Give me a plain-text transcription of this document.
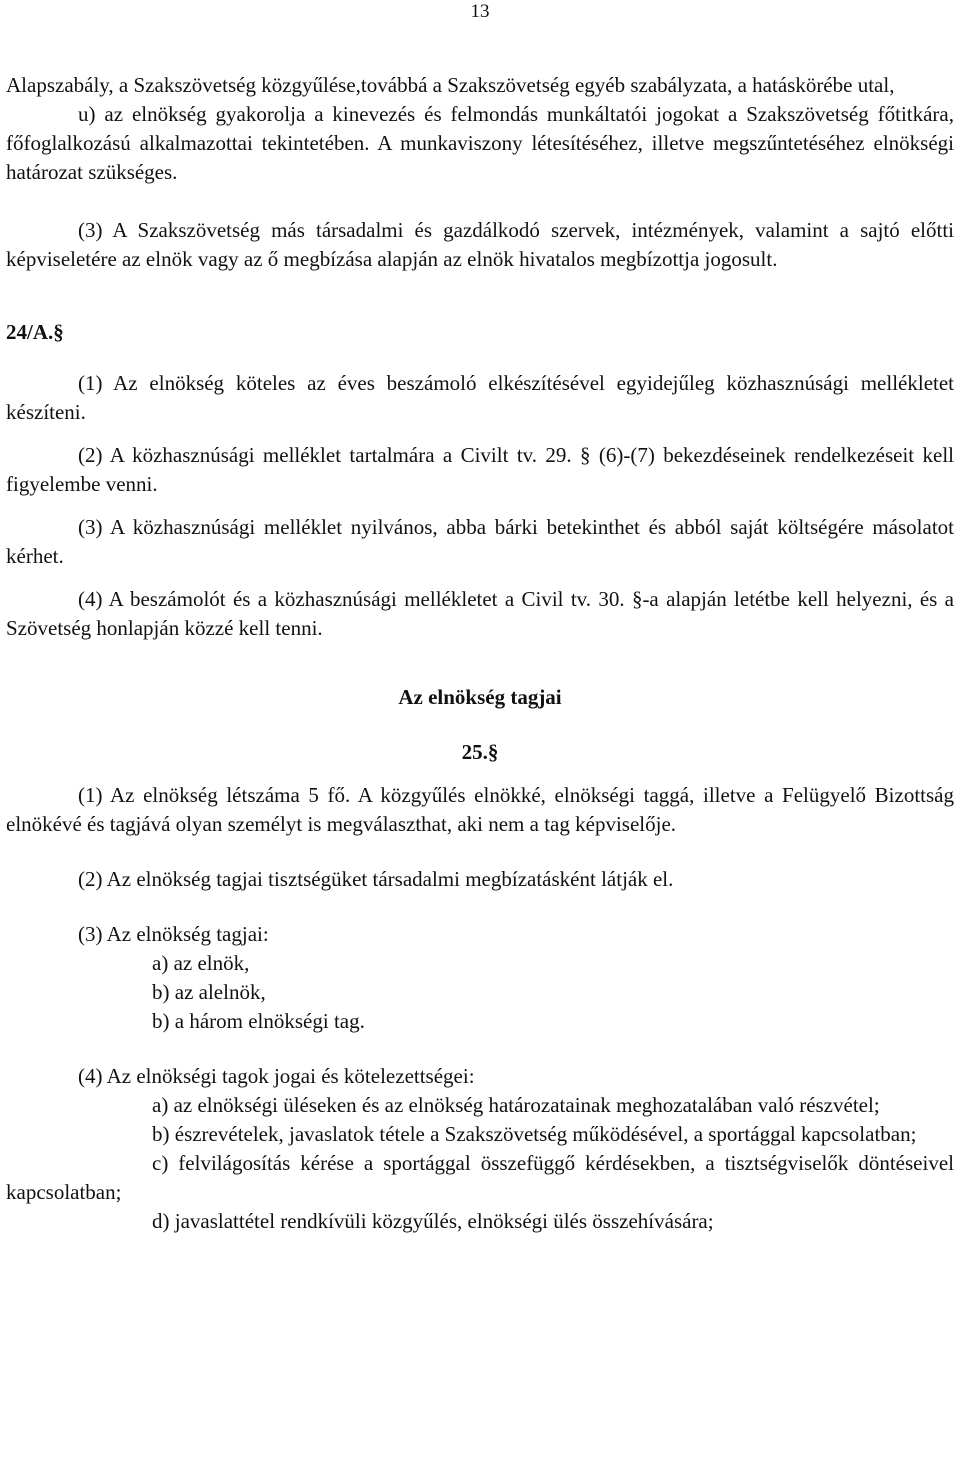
13

Alapszabály, a Szakszövetség közgyűlése,továbbá a Szakszövetség egyéb szabályzata, a hatáskörébe utal,

u) az elnökség gyakorolja a kinevezés és felmondás munkáltatói jogokat a Szakszövetség főtitkára, főfoglalkozású alkalmazottai tekintetében. A munkaviszony létesítéséhez, illetve megszűntetéséhez elnökségi határozat szükséges.

(3) A Szakszövetség más társadalmi és gazdálkodó szervek, intézmények, valamint a sajtó előtti képviseletére az elnök vagy az ő megbízása alapján az elnök hivatalos megbízottja jogosult.

24/A.§

(1) Az elnökség köteles az éves beszámoló elkészítésével egyidejűleg közhasznúsági mellékletet készíteni.

(2) A közhasznúsági melléklet tartalmára a Civilt tv. 29. § (6)-(7) bekezdéseinek rendelkezéseit kell figyelembe venni.

(3) A közhasznúsági melléklet nyilvános, abba bárki betekinthet és abból saját költségére másolatot kérhet.

(4) A beszámolót és a közhasznúsági mellékletet a Civil tv. 30. §-a alapján letétbe kell helyezni, és a Szövetség honlapján közzé kell tenni.

Az elnökség tagjai

25.§

(1) Az elnökség létszáma 5 fő. A közgyűlés elnökké, elnökségi taggá, illetve a Felügyelő Bizottság elnökévé és tagjává olyan személyt is megválaszthat, aki nem a tag képviselője.

(2) Az elnökség tagjai tisztségüket társadalmi megbízatásként látják el.

(3) Az elnökség tagjai:

a) az elnök,

b) az alelnök,

b) a három elnökségi tag.

(4) Az elnökségi tagok jogai és kötelezettségei:

a) az elnökségi üléseken és az elnökség határozatainak meghozatalában való részvétel;

b) észrevételek, javaslatok tétele a Szakszövetség működésével, a sportággal kapcsolatban;

c) felvilágosítás kérése a sportággal összefüggő kérdésekben, a tisztségviselők döntéseivel kapcsolatban;

d) javaslattétel rendkívüli közgyűlés, elnökségi ülés összehívására;
